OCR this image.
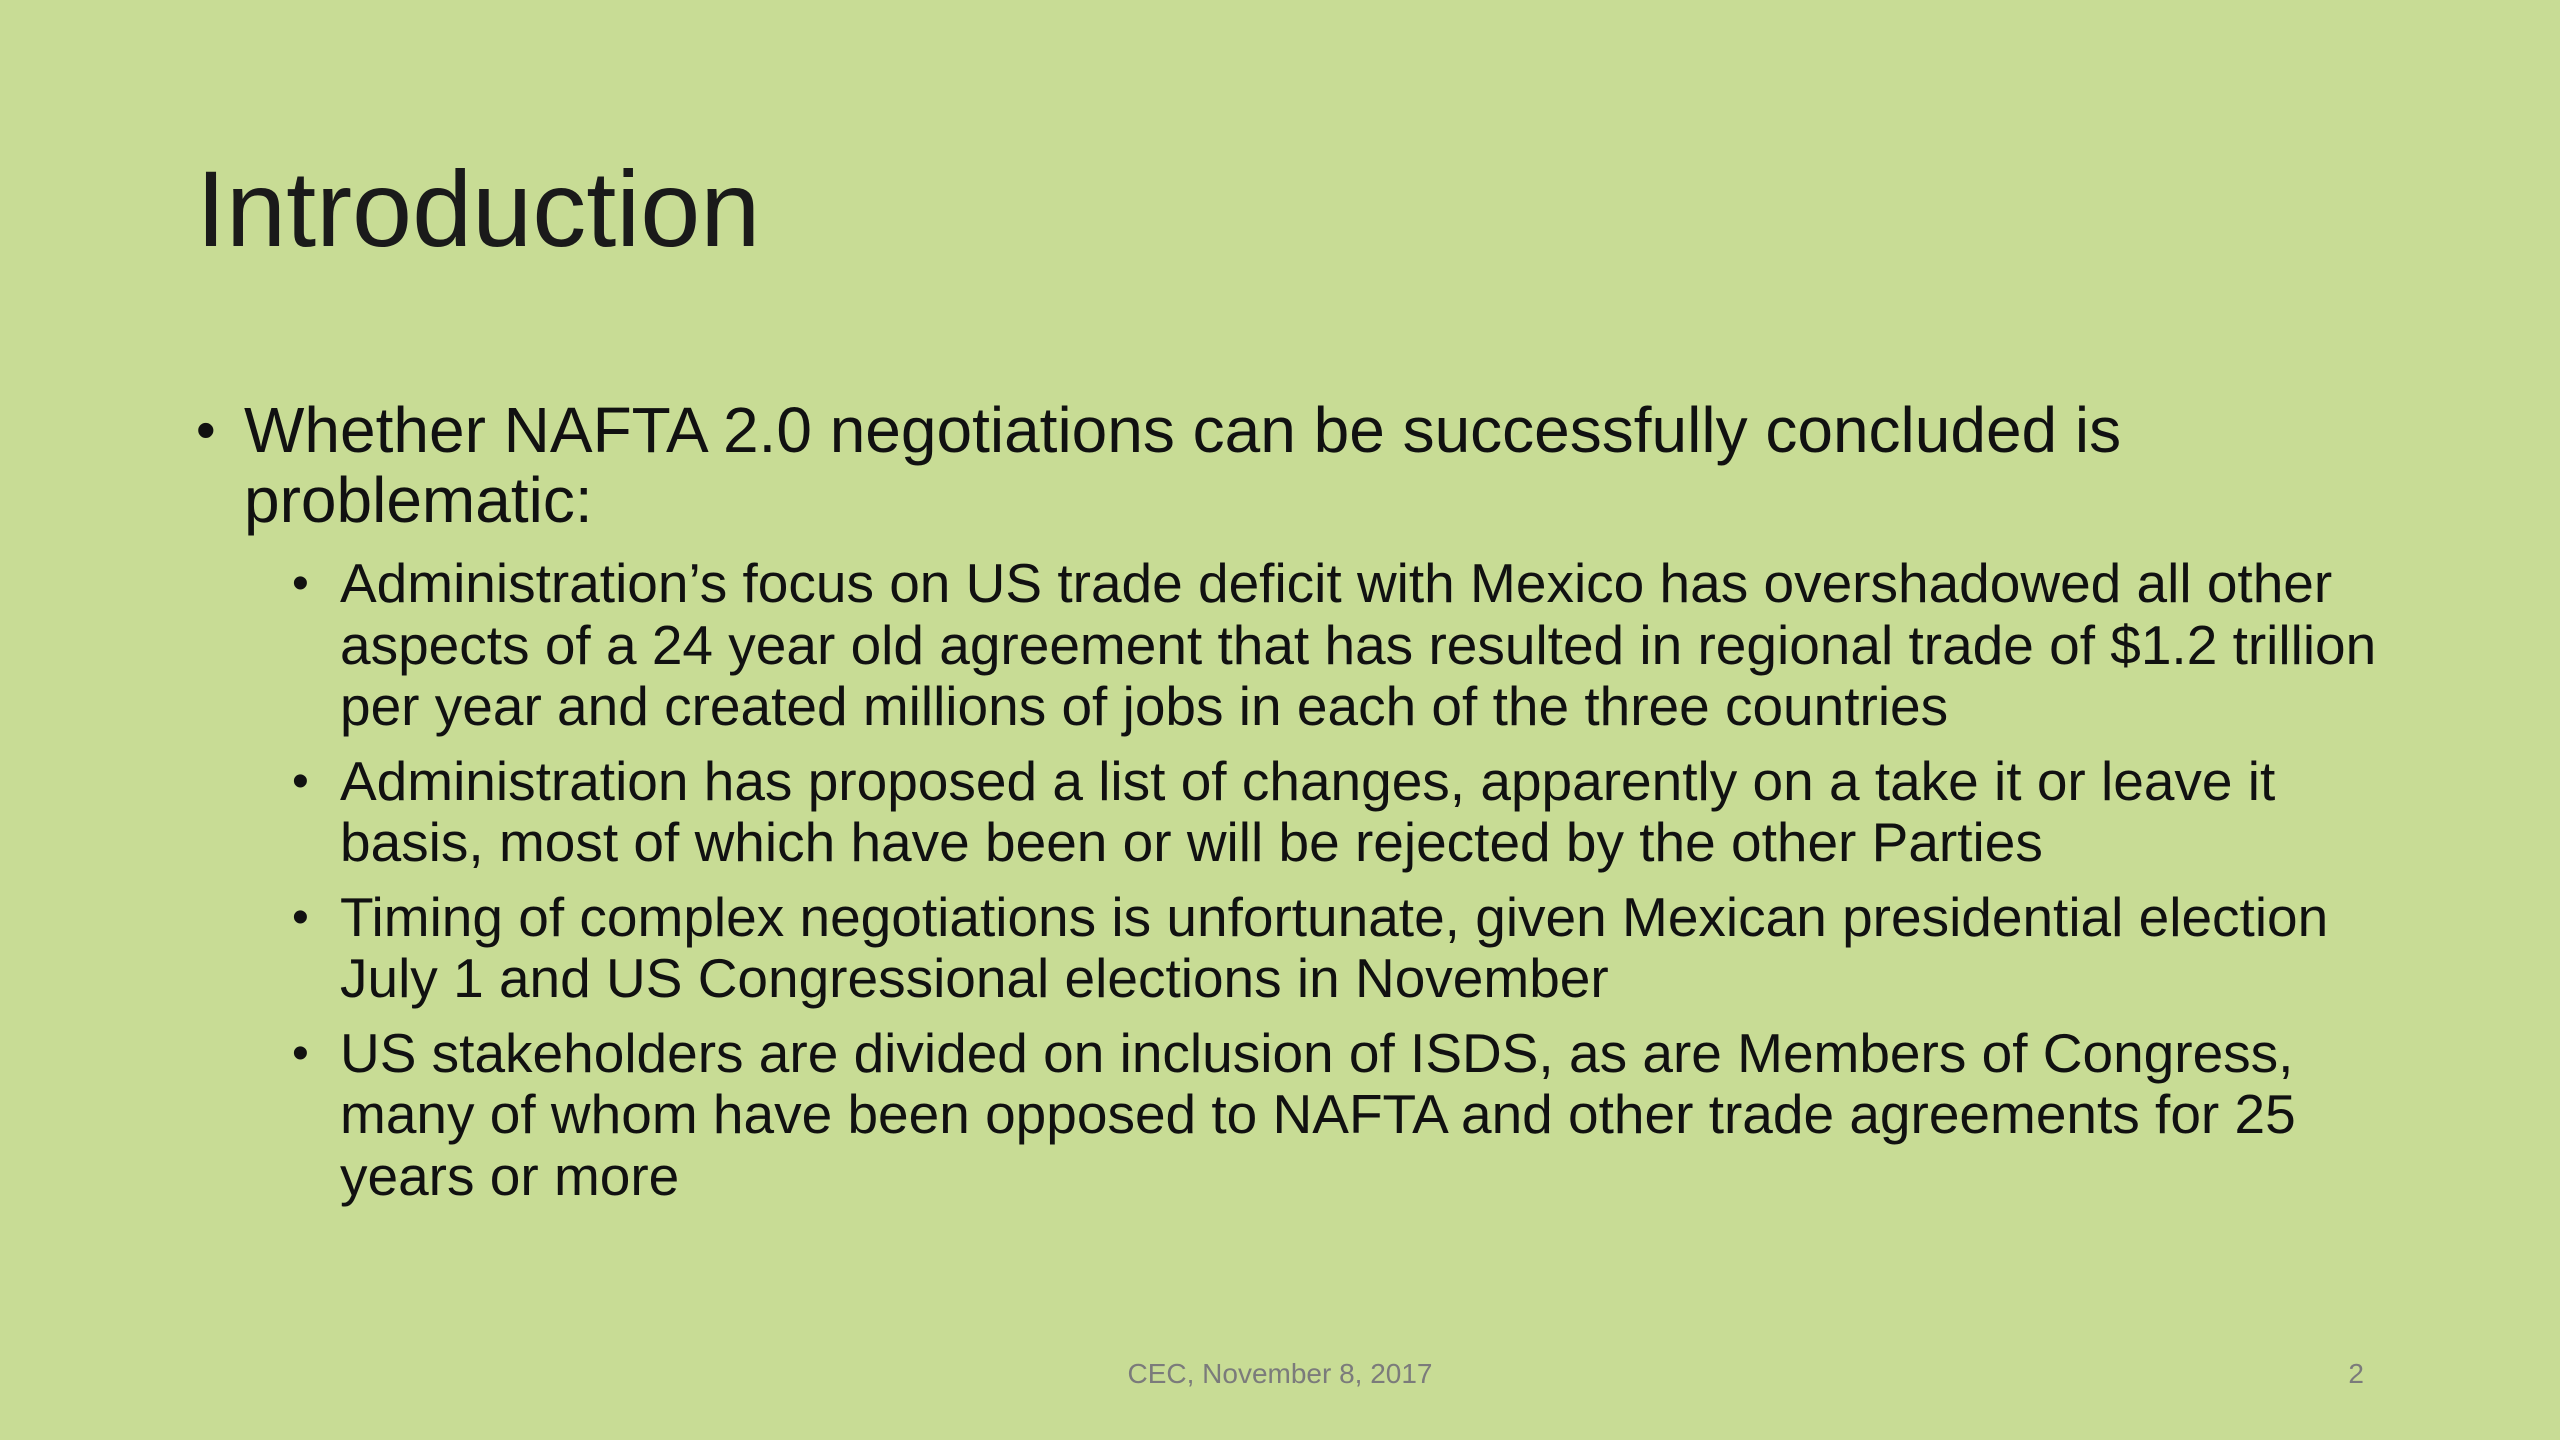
Introduction
• Whether NAFTA 2.0 negotiations can be successfully concluded is problematic:
• Administration’s focus on US trade deficit with Mexico has overshadowed all other aspects of a 24 year old agreement that has resulted in regional trade of $1.2 trillion per year and created millions of jobs in each of the three countries
• Administration has proposed a list of changes, apparently on a take it or leave it basis, most of which have been or will be rejected by the other Parties
• Timing of complex negotiations is unfortunate, given Mexican presidential election July 1 and US Congressional elections in November
• US stakeholders are divided on inclusion of ISDS, as are Members of Congress, many of whom have been opposed to NAFTA and other trade agreements for 25 years or more
CEC, November 8, 2017	2
